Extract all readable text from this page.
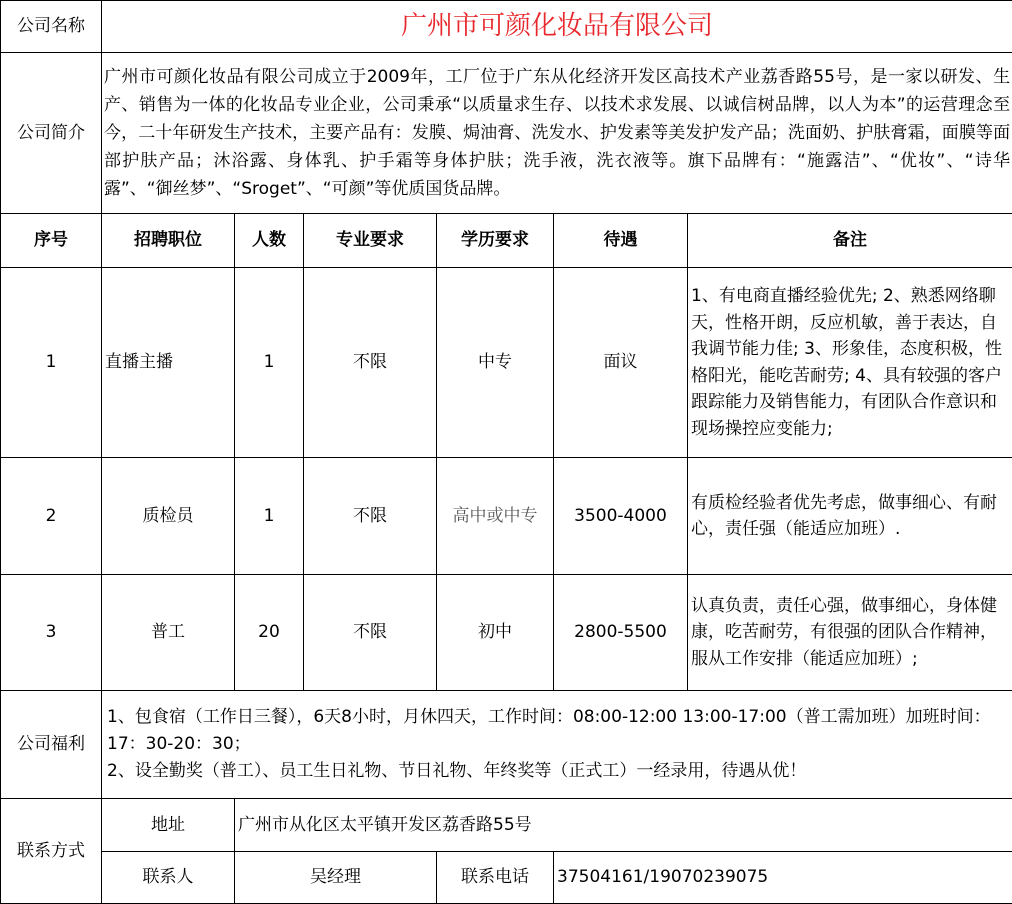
公司名称	广州市可颜化妆品有限公司					
公司简介	广州市可颜化妆品有限公司成立于2009年，工厂位于广东从化经济开发区高技术产业荔香路55号，是一家以研发、生产、销售为一体的化妆品专业企业，公司秉承“以质量求生存、以技术求发展、以诚信树品牌，以人为本”的运营理念至今，二十年研发生产技术，主要产品有：发膜、焗油膏、洗发水、护发素等美发护发产品；洗面奶、护肤膏霜，面膜等面部护肤产品；沐浴露、身体乳、护手霜等身体护肤；洗手液，洗衣液等。旗下品牌有：“施露洁”、“优妆”、“诗华露”、“御丝梦”、“Sroget”、“可颜”等优质国货品牌。					
序号	招聘职位	人数	专业要求	学历要求	待遇	备注
1	直播主播	1	不限	中专	面议	1、有电商直播经验优先; 2、熟悉网络聊天，性格开朗，反应机敏，善于表达，自我调节能力佳; 3、形象佳，态度积极，性格阳光，能吃苦耐劳; 4、具有较强的客户跟踪能力及销售能力，有团队合作意识和现场操控应变能力;
2	质检员	1	不限	高中或中专	3500-4000	有质检经验者优先考虑，做事细心、有耐心，责任强（能适应加班）.
3	普工	20	不限	初中	2800-5500	认真负责，责任心强，做事细心，身体健康，吃苦耐劳，有很强的团队合作精神，服从工作安排（能适应加班）;
公司福利	1、包食宿（工作日三餐），6天8小时，月休四天，工作时间：08:00-12:00 13:00-17:00（普工需加班）加班时间：17：30-20：30；
2、设全勤奖（普工）、员工生日礼物、节日礼物、年终奖等（正式工）一经录用，待遇从优！					

联系方式	地址	广州市从化区太平镇开发区荔香路55号				
	联系人	吴经理		联系电话	37504161/19070239075	
